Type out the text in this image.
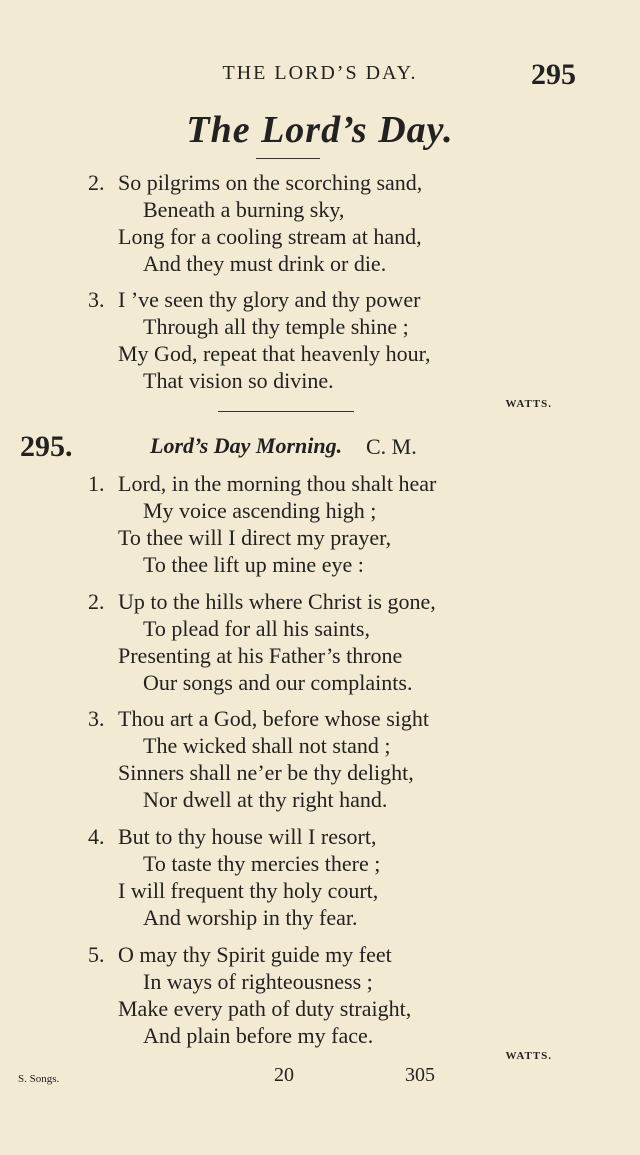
THE LORD’S DAY.	295
The Lord’s Day.
2. So pilgrims on the scorching sand,
Beneath a burning sky,
Long for a cooling stream at hand,
And they must drink or die.
3. I ’ve seen thy glory and thy power
Through all thy temple shine ;
My God, repeat that heavenly hour,
That vision so divine.
WATTS.
295.	Lord’s Day Morning. C. M.
1. Lord, in the morning thou shalt hear
My voice ascending high ;
To thee will I direct my prayer,
To thee lift up mine eye :
2. Up to the hills where Christ is gone,
To plead for all his saints,
Presenting at his Father’s throne
Our songs and our complaints.
3. Thou art a God, before whose sight
The wicked shall not stand ;
Sinners shall ne’er be thy delight,
Nor dwell at thy right hand.
4. But to thy house will I resort,
To taste thy mercies there ;
I will frequent thy holy court,
And worship in thy fear.
5. O may thy Spirit guide my feet
In ways of righteousness ;
Make every path of duty straight,
And plain before my face.
WATTS.
S. Songs.	20	305
